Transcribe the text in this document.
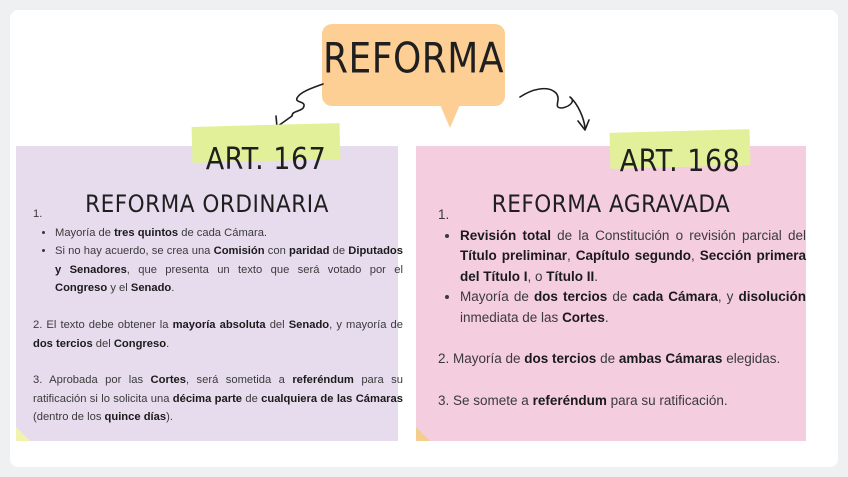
REFORMA
ART. 167
REFORMA ORDINARIA

1.

• Mayoría de tres quintos de cada Cámara.
• Si no hay acuerdo, se crea una Comisión con paridad de Diputados y Senadores, que presenta un texto que será votado por el Congreso y el Senado.

2. El texto debe obtener la mayoría absoluta del Senado, y mayoría de dos tercios del Congreso.

3. Aprobada por las Cortes, será sometida a referéndum para su ratificación si lo solicita una décima parte de cualquiera de las Cámaras (dentro de los quince días).

ART. 168
REFORMA AGRAVADA

1.

• Revisión total de la Constitución o revisión parcial del Título preliminar, Capítulo segundo, Sección primera del Título I, o Título II.
• Mayoría de dos tercios de cada Cámara, y disolución inmediata de las Cortes.

2. Mayoría de dos tercios de ambas Cámaras elegidas.

3. Se somete a referéndum para su ratificación.
